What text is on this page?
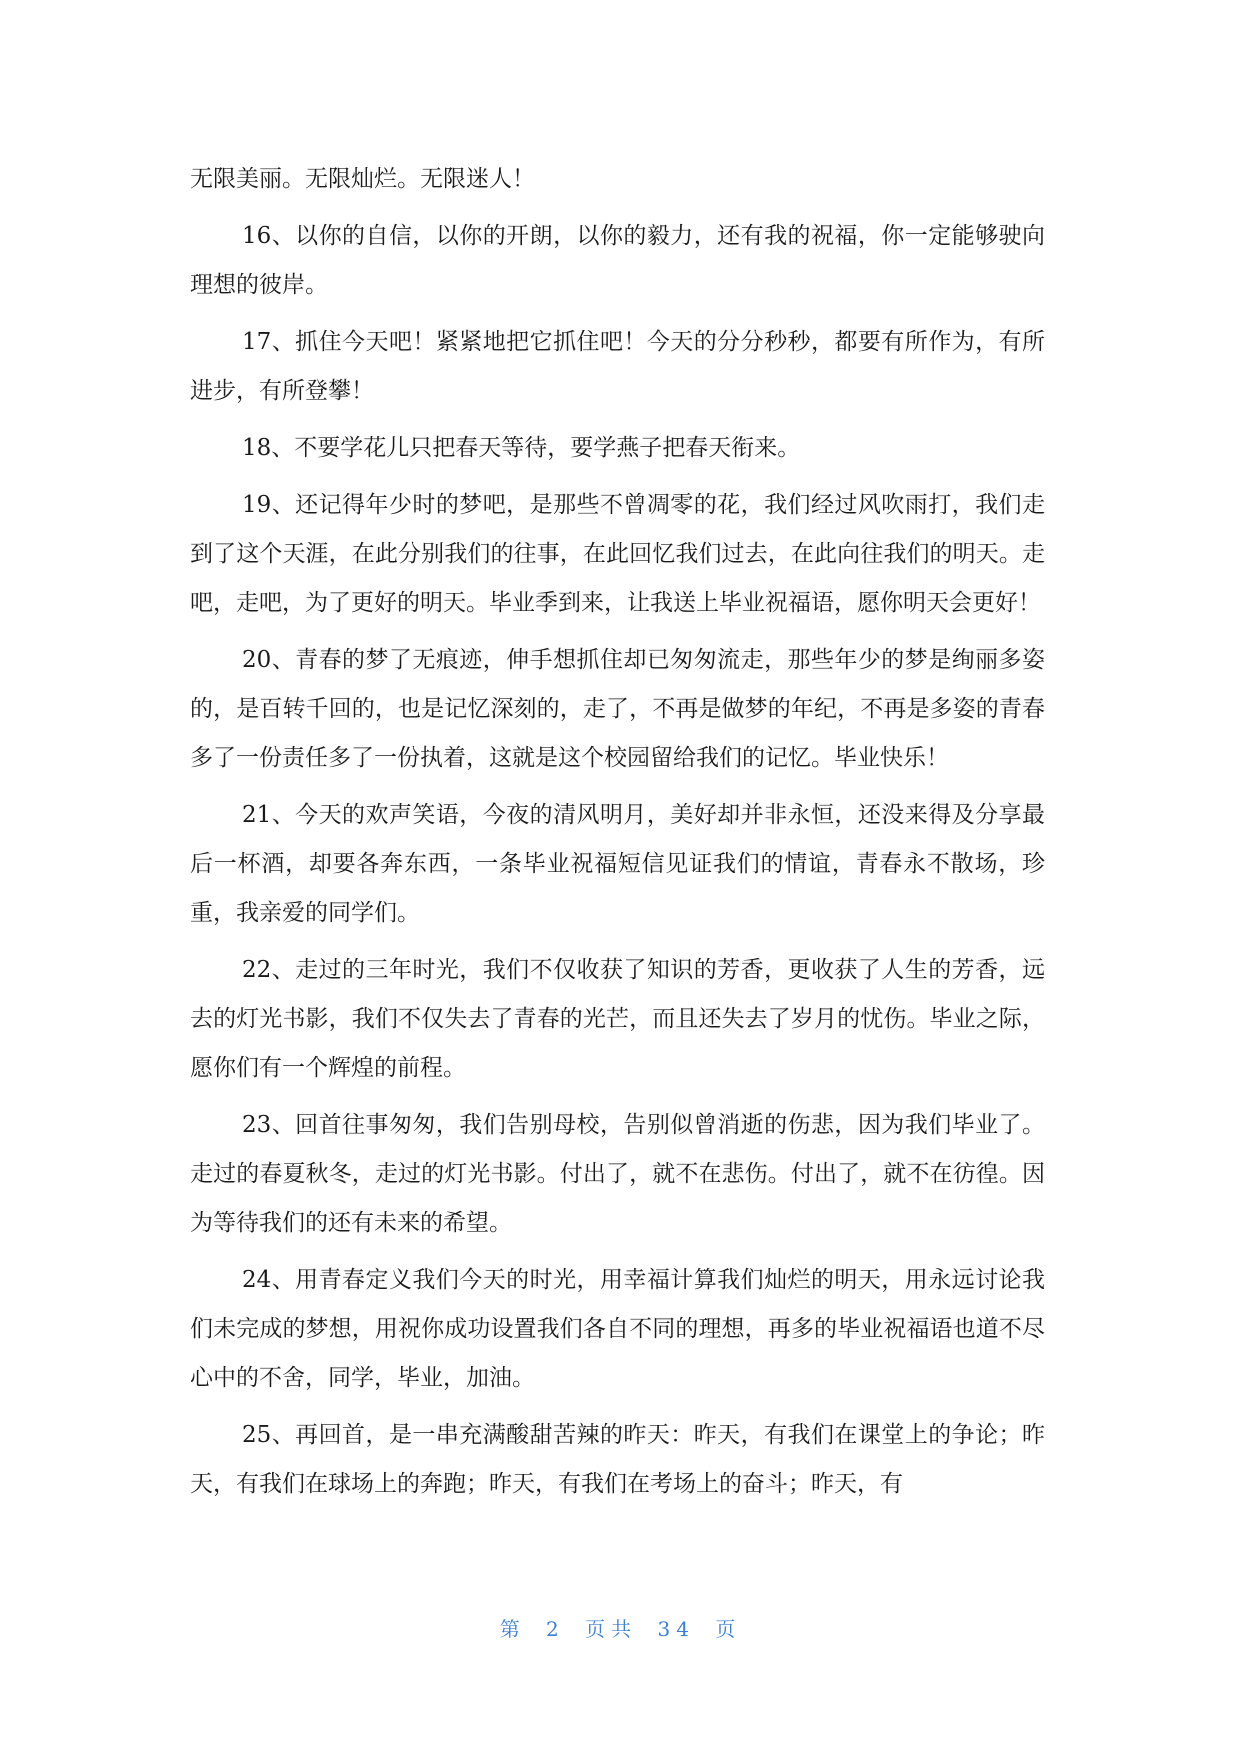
无限美丽。无限灿烂。无限迷人！

16、以你的自信，以你的开朗，以你的毅力，还有我的祝福，你一定能够驶向理想的彼岸。

17、抓住今天吧！紧紧地把它抓住吧！今天的分分秒秒，都要有所作为，有所进步，有所登攀！

18、不要学花儿只把春天等待，要学燕子把春天衔来。

19、还记得年少时的梦吧，是那些不曾凋零的花，我们经过风吹雨打，我们走到了这个天涯，在此分别我们的往事，在此回忆我们过去，在此向往我们的明天。走吧，走吧，为了更好的明天。毕业季到来，让我送上毕业祝福语，愿你明天会更好！

20、青春的梦了无痕迹，伸手想抓住却已匆匆流走，那些年少的梦是绚丽多姿的，是百转千回的，也是记忆深刻的，走了，不再是做梦的年纪，不再是多姿的青春多了一份责任多了一份执着，这就是这个校园留给我们的记忆。毕业快乐！

21、今天的欢声笑语，今夜的清风明月，美好却并非永恒，还没来得及分享最后一杯酒，却要各奔东西，一条毕业祝福短信见证我们的情谊，青春永不散场，珍重，我亲爱的同学们。

22、走过的三年时光，我们不仅收获了知识的芳香，更收获了人生的芳香，远去的灯光书影，我们不仅失去了青春的光芒，而且还失去了岁月的忧伤。毕业之际，愿你们有一个辉煌的前程。

23、回首往事匆匆，我们告别母校，告别似曾消逝的伤悲，因为我们毕业了。走过的春夏秋冬，走过的灯光书影。付出了，就不在悲伤。付出了，就不在彷徨。因为等待我们的还有未来的希望。

24、用青春定义我们今天的时光，用幸福计算我们灿烂的明天，用永远讨论我们未完成的梦想，用祝你成功设置我们各自不同的理想，再多的毕业祝福语也道不尽心中的不舍，同学，毕业，加油。

25、再回首，是一串充满酸甜苦辣的昨天：昨天，有我们在课堂上的争论；昨天，有我们在球场上的奔跑；昨天，有我们在考场上的奋斗；昨天，有

第 2 页共 34 页
